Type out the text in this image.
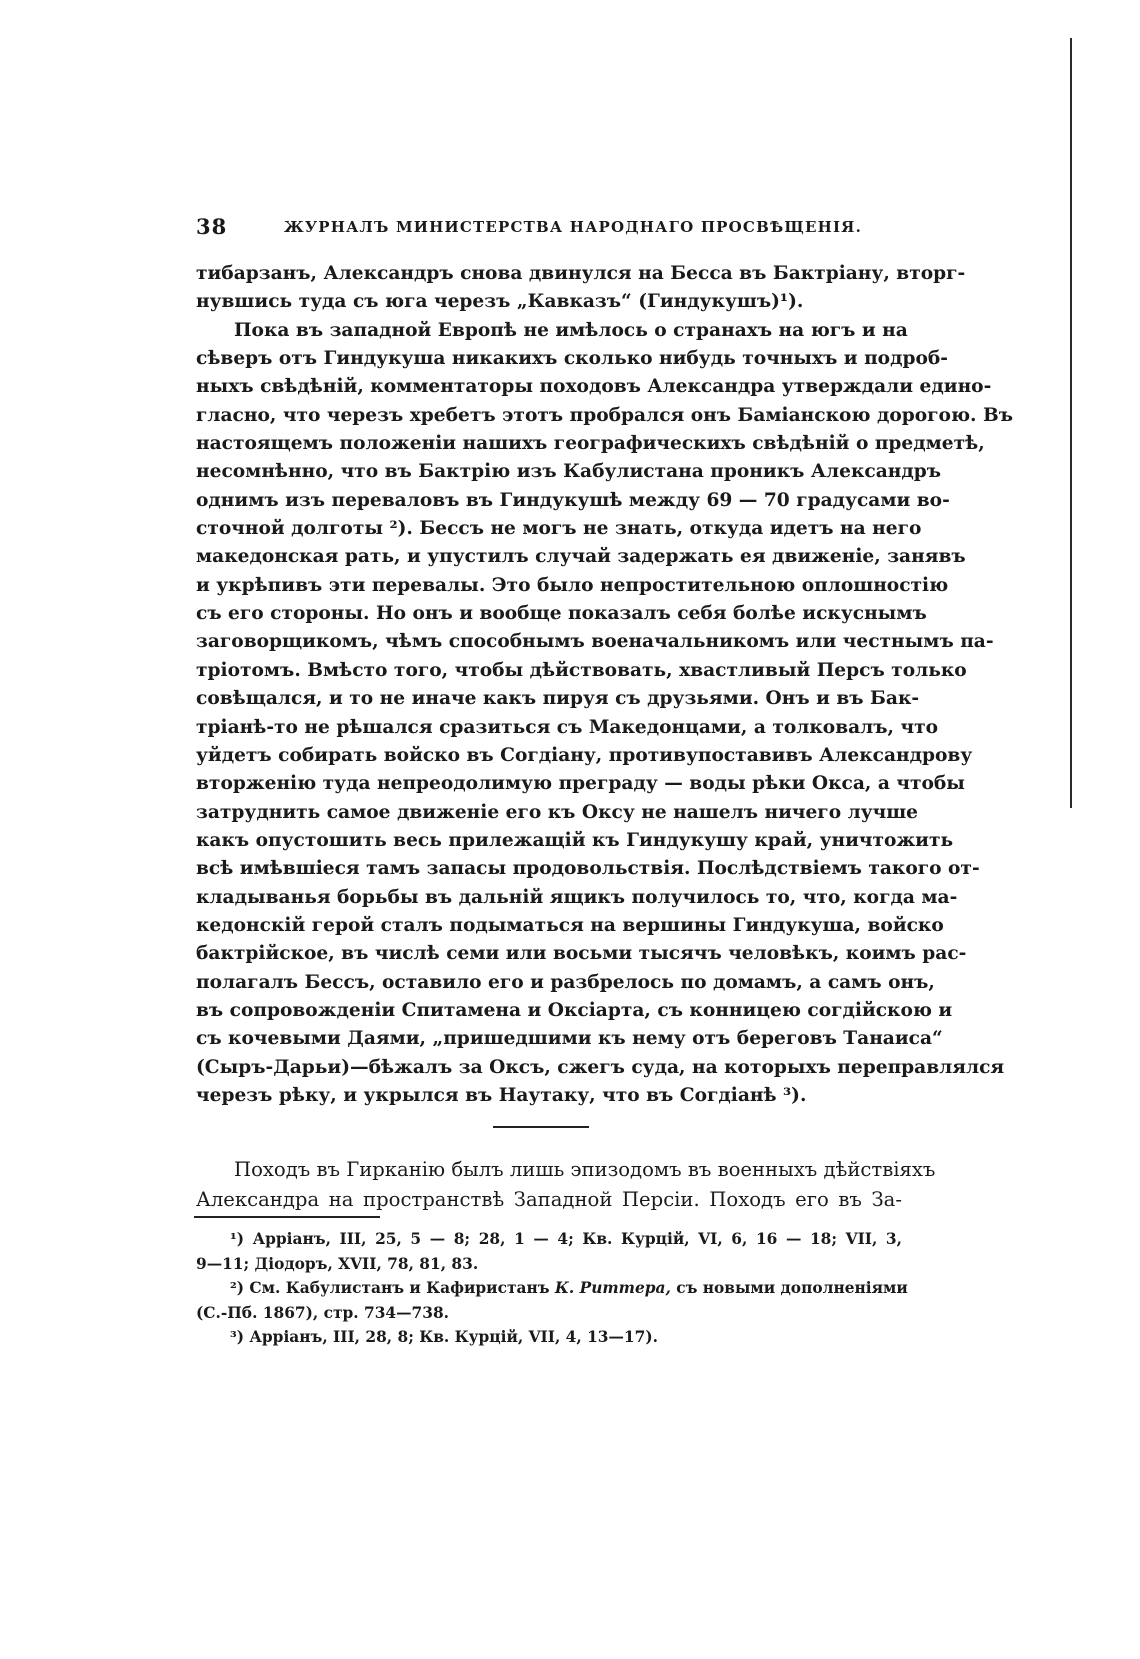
38	ЖУРНАЛЪ МИНИСТЕРСТВА НАРОДНАГО ПРОСВѢЩЕНІЯ.
тибарзанъ, Александръ снова двинулся на Бесса въ Бактріану, вторг-
нувшись туда съ юга черезъ „Кавказъ“ (Гиндукушъ)¹).
Пока въ западной Европѣ не имѣлось о странахъ на югъ и на
сѣверъ отъ Гиндукуша никакихъ сколько нибудь точныхъ и подроб-
ныхъ свѣдѣній, комментаторы походовъ Александра утверждали едино-
гласно, что черезъ хребетъ этотъ пробрался онъ Баміанскою дорогою. Въ
настоящемъ положеніи нашихъ географическихъ свѣдѣній о предметѣ,
несомнѣнно, что въ Бактрію изъ Кабулистана проникъ Александръ
однимъ изъ переваловъ въ Гиндукушѣ между 69 — 70 градусами во-
сточной долготы ²). Бессъ не могъ не знать, откуда идетъ на него
македонская рать, и упустилъ случай задержать ея движеніе, занявъ
и укрѣпивъ эти перевалы. Это было непростительною оплошностію
съ его стороны. Но онъ и вообще показалъ себя болѣе искуснымъ
заговорщикомъ, чѣмъ способнымъ военачальникомъ или честнымъ па-
тріотомъ. Вмѣсто того, чтобы дѣйствовать, хвастливый Персъ только
совѣщался, и то не иначе какъ пируя съ друзьями. Онъ и въ Бак-
тріанѣ-то не рѣшался сразиться съ Македонцами, а толковалъ, что
уйдетъ собирать войско въ Согдіану, противупоставивъ Александрову
вторженію туда непреодолимую преграду — воды рѣки Окса, а чтобы
затруднить самое движеніе его къ Оксу не нашелъ ничего лучше
какъ опустошить весь прилежащій къ Гиндукушу край, уничтожить
всѣ имѣвшіеся тамъ запасы продовольствія. Послѣдствіемъ такого от-
кладыванья борьбы въ дальній ящикъ получилось то, что, когда ма-
кедонскій герой сталъ подыматься на вершины Гиндукуша, войско
бактрійское, въ числѣ семи или восьми тысячъ человѣкъ, коимъ рас-
полагалъ Бессъ, оставило его и разбрелось по домамъ, а самъ онъ,
въ сопровожденіи Спитамена и Оксіарта, съ конницею согдійскою и
съ кочевыми Даями, „пришедшими къ нему отъ береговъ Танаиса“
(Сыръ-Дарьи)—бѣжалъ за Оксъ, сжегъ суда, на которыхъ переправлялся
черезъ рѣку, и укрылся въ Наутаку, что въ Согдіанѣ ³).
Походъ въ Гирканію былъ лишь эпизодомъ въ военныхъ дѣйствіяхъ
Александра на пространствѣ Западной Персіи. Походъ его въ За-
¹) Арріанъ, III, 25, 5 — 8; 28, 1 — 4; Кв. Курцій, VI, 6, 16 — 18; VII, 3,
9—11; Діодоръ, XVII, 78, 81, 83.
²) См. Кабулистанъ и Кафиристанъ К. Риттера, съ новыми дополненіями
(С.-Пб. 1867), стр. 734—738.
³) Арріанъ, III, 28, 8; Кв. Курцій, VII, 4, 13—17).
